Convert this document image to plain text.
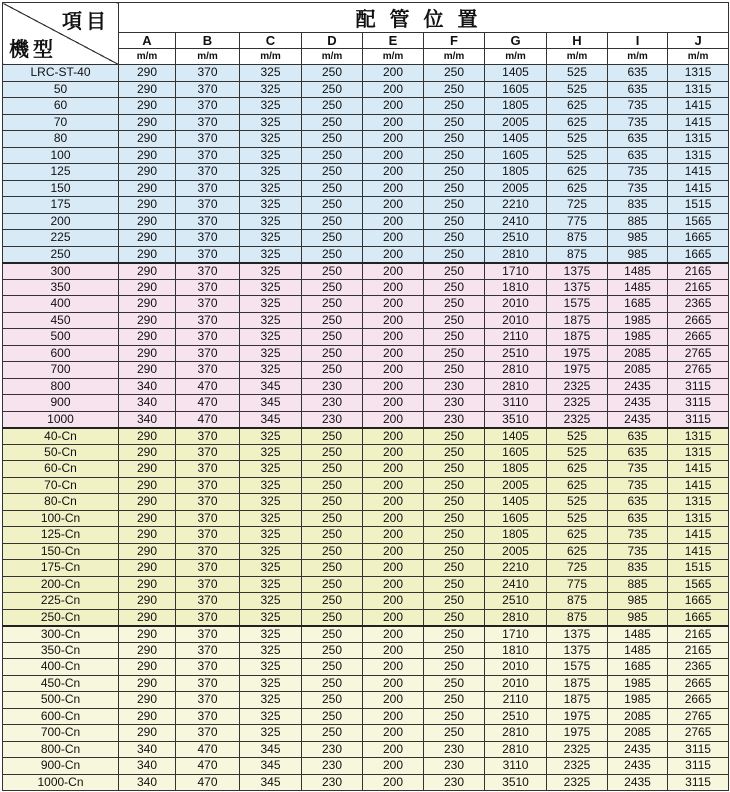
項目
機型	配管位置									
	A	B	C	D	E	F	G	H	I	J
	m/m	m/m	m/m	m/m	m/m	m/m	m/m	m/m	m/m	m/m
LRC-ST-40	290	370	325	250	200	250	1405	525	635	1315
50	290	370	325	250	200	250	1605	525	635	1315
60	290	370	325	250	200	250	1805	625	735	1415
70	290	370	325	250	200	250	2005	625	735	1415
80	290	370	325	250	200	250	1405	525	635	1315
100	290	370	325	250	200	250	1605	525	635	1315
125	290	370	325	250	200	250	1805	625	735	1415
150	290	370	325	250	200	250	2005	625	735	1415
175	290	370	325	250	200	250	2210	725	835	1515
200	290	370	325	250	200	250	2410	775	885	1565
225	290	370	325	250	200	250	2510	875	985	1665
250	290	370	325	250	200	250	2810	875	985	1665
300	290	370	325	250	200	250	1710	1375	1485	2165
350	290	370	325	250	200	250	1810	1375	1485	2165
400	290	370	325	250	200	250	2010	1575	1685	2365
450	290	370	325	250	200	250	2010	1875	1985	2665
500	290	370	325	250	200	250	2110	1875	1985	2665
600	290	370	325	250	200	250	2510	1975	2085	2765
700	290	370	325	250	200	250	2810	1975	2085	2765
800	340	470	345	230	200	230	2810	2325	2435	3115
900	340	470	345	230	200	230	3110	2325	2435	3115
1000	340	470	345	230	200	230	3510	2325	2435	3115
40-Cn	290	370	325	250	200	250	1405	525	635	1315
50-Cn	290	370	325	250	200	250	1605	525	635	1315
60-Cn	290	370	325	250	200	250	1805	625	735	1415
70-Cn	290	370	325	250	200	250	2005	625	735	1415
80-Cn	290	370	325	250	200	250	1405	525	635	1315
100-Cn	290	370	325	250	200	250	1605	525	635	1315
125-Cn	290	370	325	250	200	250	1805	625	735	1415
150-Cn	290	370	325	250	200	250	2005	625	735	1415
175-Cn	290	370	325	250	200	250	2210	725	835	1515
200-Cn	290	370	325	250	200	250	2410	775	885	1565
225-Cn	290	370	325	250	200	250	2510	875	985	1665
250-Cn	290	370	325	250	200	250	2810	875	985	1665
300-Cn	290	370	325	250	200	250	1710	1375	1485	2165
350-Cn	290	370	325	250	200	250	1810	1375	1485	2165
400-Cn	290	370	325	250	200	250	2010	1575	1685	2365
450-Cn	290	370	325	250	200	250	2010	1875	1985	2665
500-Cn	290	370	325	250	200	250	2110	1875	1985	2665
600-Cn	290	370	325	250	200	250	2510	1975	2085	2765
700-Cn	290	370	325	250	200	250	2810	1975	2085	2765
800-Cn	340	470	345	230	200	230	2810	2325	2435	3115
900-Cn	340	470	345	230	200	230	3110	2325	2435	3115
1000-Cn	340	470	345	230	200	230	3510	2325	2435	3115
